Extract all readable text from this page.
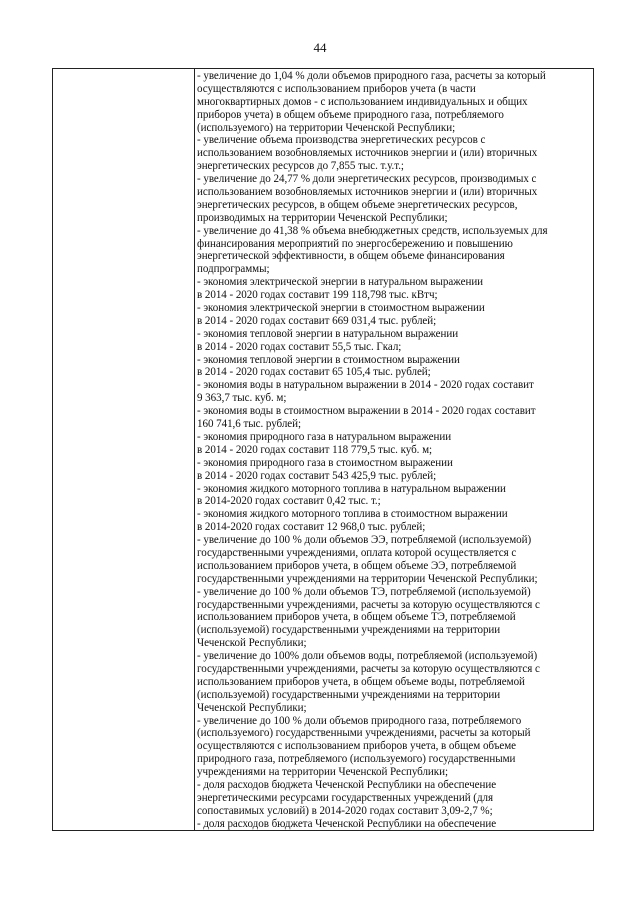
44
- увеличение до 1,04 % доли объемов природного газа, расчеты за который
осуществляются с использованием приборов учета (в части
многоквартирных домов - с использованием индивидуальных и общих
приборов учета) в общем объеме природного газа, потребляемого
(используемого) на территории Чеченской Республики;
- увеличение объема производства энергетических ресурсов с
использованием возобновляемых источников энергии и (или) вторичных
энергетических ресурсов до 7,855 тыс. т.у.т.;
- увеличение до 24,77 % доли энергетических ресурсов, производимых с
использованием возобновляемых источников энергии и (или) вторичных
энергетических ресурсов, в общем объеме энергетических ресурсов,
производимых на территории Чеченской Республики;
- увеличение до 41,38 % объема внебюджетных средств, используемых для
финансирования мероприятий по энергосбережению и повышению
энергетической эффективности, в общем объеме финансирования
подпрограммы;
- экономия электрической энергии в натуральном выражении
в 2014 - 2020 годах составит 199 118,798 тыс. кВтч;
- экономия электрической энергии в стоимостном выражении
в 2014 - 2020 годах составит 669 031,4 тыс. рублей;
- экономия тепловой энергии в натуральном выражении
в 2014 - 2020 годах составит 55,5 тыс. Гкал;
- экономия тепловой энергии в стоимостном выражении
в 2014 - 2020 годах составит 65 105,4 тыс. рублей;
- экономия воды в натуральном выражении в 2014 - 2020 годах составит
9 363,7 тыс. куб. м;
- экономия воды в стоимостном выражении в 2014 - 2020 годах составит
160 741,6 тыс. рублей;
- экономия природного газа в натуральном выражении
в 2014 - 2020 годах составит 118 779,5 тыс. куб. м;
- экономия природного газа в стоимостном выражении
в 2014 - 2020 годах составит 543 425,9 тыс. рублей;
- экономия жидкого моторного топлива в натуральном выражении
в 2014-2020 годах составит 0,42 тыс. т.;
- экономия жидкого моторного топлива в стоимостном выражении
в 2014-2020 годах составит 12 968,0 тыс. рублей;
- увеличение до 100 % доли объемов ЭЭ, потребляемой (используемой)
государственными учреждениями, оплата которой осуществляется с
использованием приборов учета, в общем объеме ЭЭ, потребляемой
государственными учреждениями на территории Чеченской Республики;
- увеличение до 100 % доли объемов ТЭ, потребляемой (используемой)
государственными учреждениями, расчеты за которую осуществляются с
использованием приборов учета, в общем объеме ТЭ, потребляемой
(используемой) государственными учреждениями на территории
Чеченской Республики;
- увеличение до 100% доли объемов воды, потребляемой (используемой)
государственными учреждениями, расчеты за которую осуществляются с
использованием приборов учета, в общем объеме воды, потребляемой
(используемой) государственными учреждениями на территории
Чеченской Республики;
- увеличение до 100 % доли объемов природного газа, потребляемого
(используемого) государственными учреждениями, расчеты за который
осуществляются с использованием приборов учета, в общем объеме
природного газа, потребляемого (используемого) государственными
учреждениями на территории Чеченской Республики;
- доля расходов бюджета Чеченской Республики на обеспечение
энергетическими ресурсами государственных учреждений (для
сопоставимых условий) в 2014-2020 годах составит 3,09-2,7 %;
- доля расходов бюджета Чеченской Республики на обеспечение
